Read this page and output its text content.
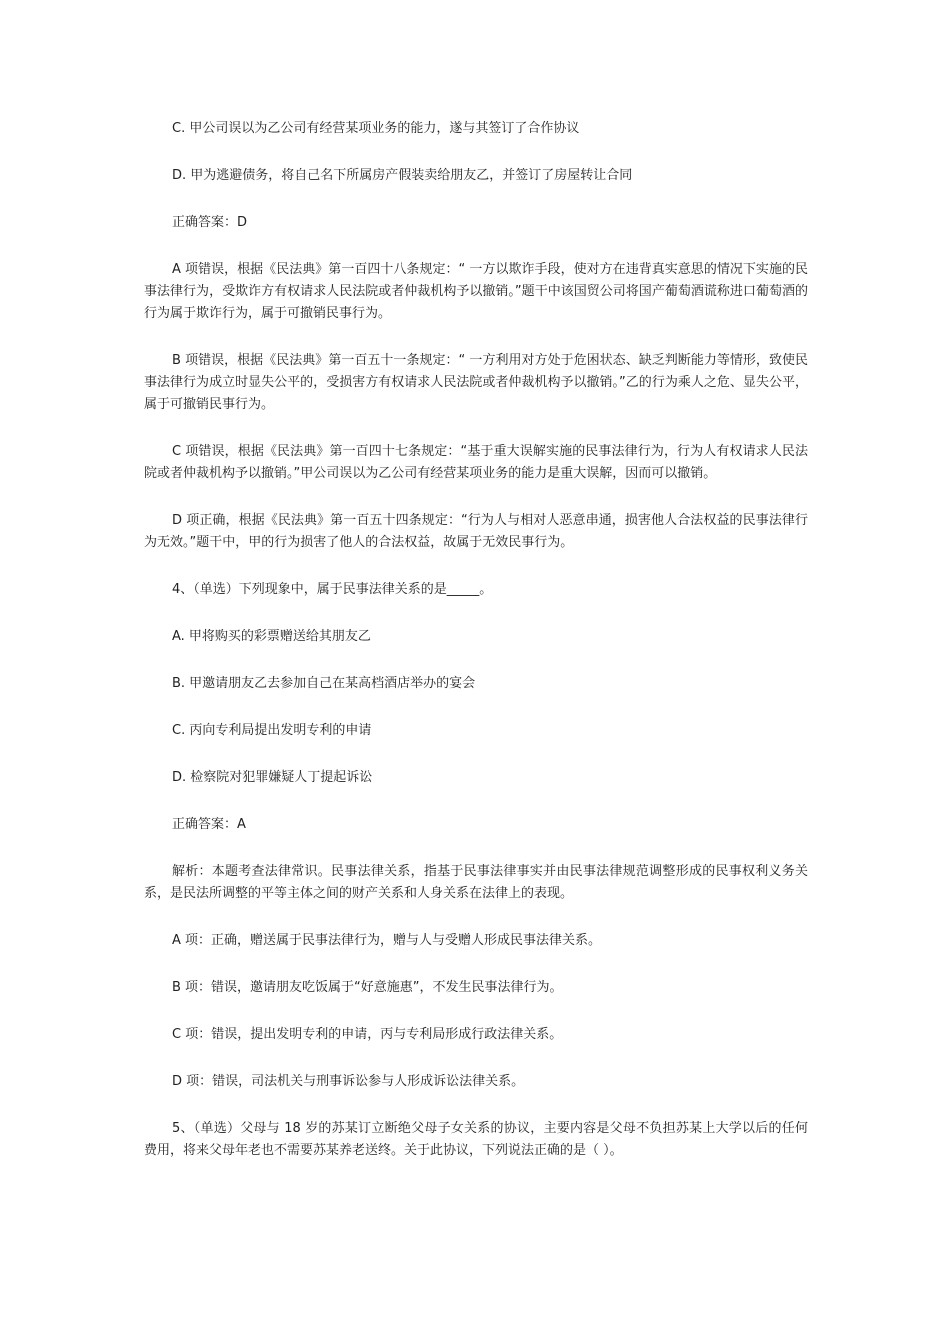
C. 甲公司误以为乙公司有经营某项业务的能力，遂与其签订了合作协议

D. 甲为逃避债务，将自己名下所属房产假装卖给朋友乙，并签订了房屋转让合同

正确答案：D

A 项错误，根据《民法典》第一百四十八条规定：“ 一方以欺诈手段，使对方在违背真实意思的情况下实施的民事法律行为，受欺诈方有权请求人民法院或者仲裁机构予以撤销。”题干中该国贸公司将国产葡萄酒谎称进口葡萄酒的行为属于欺诈行为，属于可撤销民事行为。

B 项错误，根据《民法典》第一百五十一条规定：“ 一方利用对方处于危困状态、缺乏判断能力等情形，致使民事法律行为成立时显失公平的，受损害方有权请求人民法院或者仲裁机构予以撤销。”乙的行为乘人之危、显失公平，属于可撤销民事行为。

C 项错误，根据《民法典》第一百四十七条规定：“基于重大误解实施的民事法律行为，行为人有权请求人民法院或者仲裁机构予以撤销。”甲公司误以为乙公司有经营某项业务的能力是重大误解，因而可以撤销。

D 项正确，根据《民法典》第一百五十四条规定：“行为人与相对人恶意串通，损害他人合法权益的民事法律行为无效。”题干中，甲的行为损害了他人的合法权益，故属于无效民事行为。

4、（单选）下列现象中，属于民事法律关系的是_____。

A. 甲将购买的彩票赠送给其朋友乙

B. 甲邀请朋友乙去参加自己在某高档酒店举办的宴会

C. 丙向专利局提出发明专利的申请

D. 检察院对犯罪嫌疑人丁提起诉讼

正确答案：A

解析：本题考查法律常识。民事法律关系，指基于民事法律事实并由民事法律规范调整形成的民事权利义务关系，是民法所调整的平等主体之间的财产关系和人身关系在法律上的表现。

A 项：正确，赠送属于民事法律行为，赠与人与受赠人形成民事法律关系。

B 项：错误，邀请朋友吃饭属于“好意施惠”，不发生民事法律行为。

C 项：错误，提出发明专利的申请，丙与专利局形成行政法律关系。

D 项：错误，司法机关与刑事诉讼参与人形成诉讼法律关系。

5、（单选）父母与 18 岁的苏某订立断绝父母子女关系的协议，主要内容是父母不负担苏某上大学以后的任何费用，将来父母年老也不需要苏某养老送终。关于此协议，下列说法正确的是（ ）。
